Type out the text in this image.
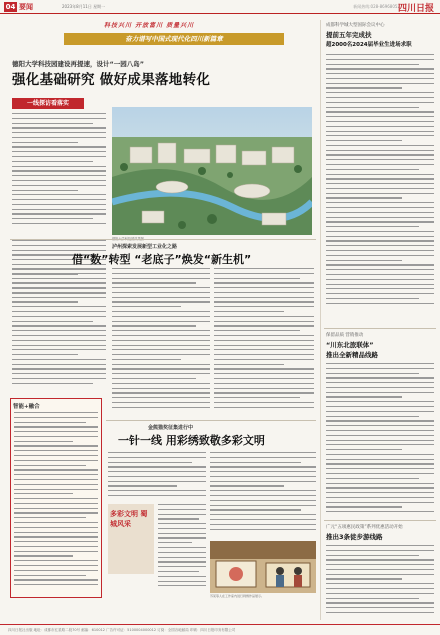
04 要闻	2023年8月11日 星期一	新闻热线:028-86968052
四川日报
科技兴川 开放富川 质量兴川
奋力谱写中国式现代化四川新篇章
德阳大学科技园建设再提速，设计“一园八岛”
强化基础研究 做好成果落地转化
一线探访看落实
泸州探索发展新型工业化之路
借“数”转型 “老底子”焕发“新生机”
智能+融合
金熊猫奖征集进行中
一针一线 用彩绣致敬多彩文明
多彩文明 蜀城风采
苏某等人在工作室内进行刺绣作品展示。
成都科学城大型国际会议中心
提前五年完成扶
超2000名2024届毕业生进场求职
保留品质 营销推动
“川东北旅联体”
推出全新精品线路
广元“五项惠民政策”系列优惠活动开始
推出3条徒步游线路
四川日报社出版 地址：成都市红星路二段70号 邮编：610012 广告许可证：5100004000012 订阅：全国各地邮局 印刷：四川日报印务有限公司
